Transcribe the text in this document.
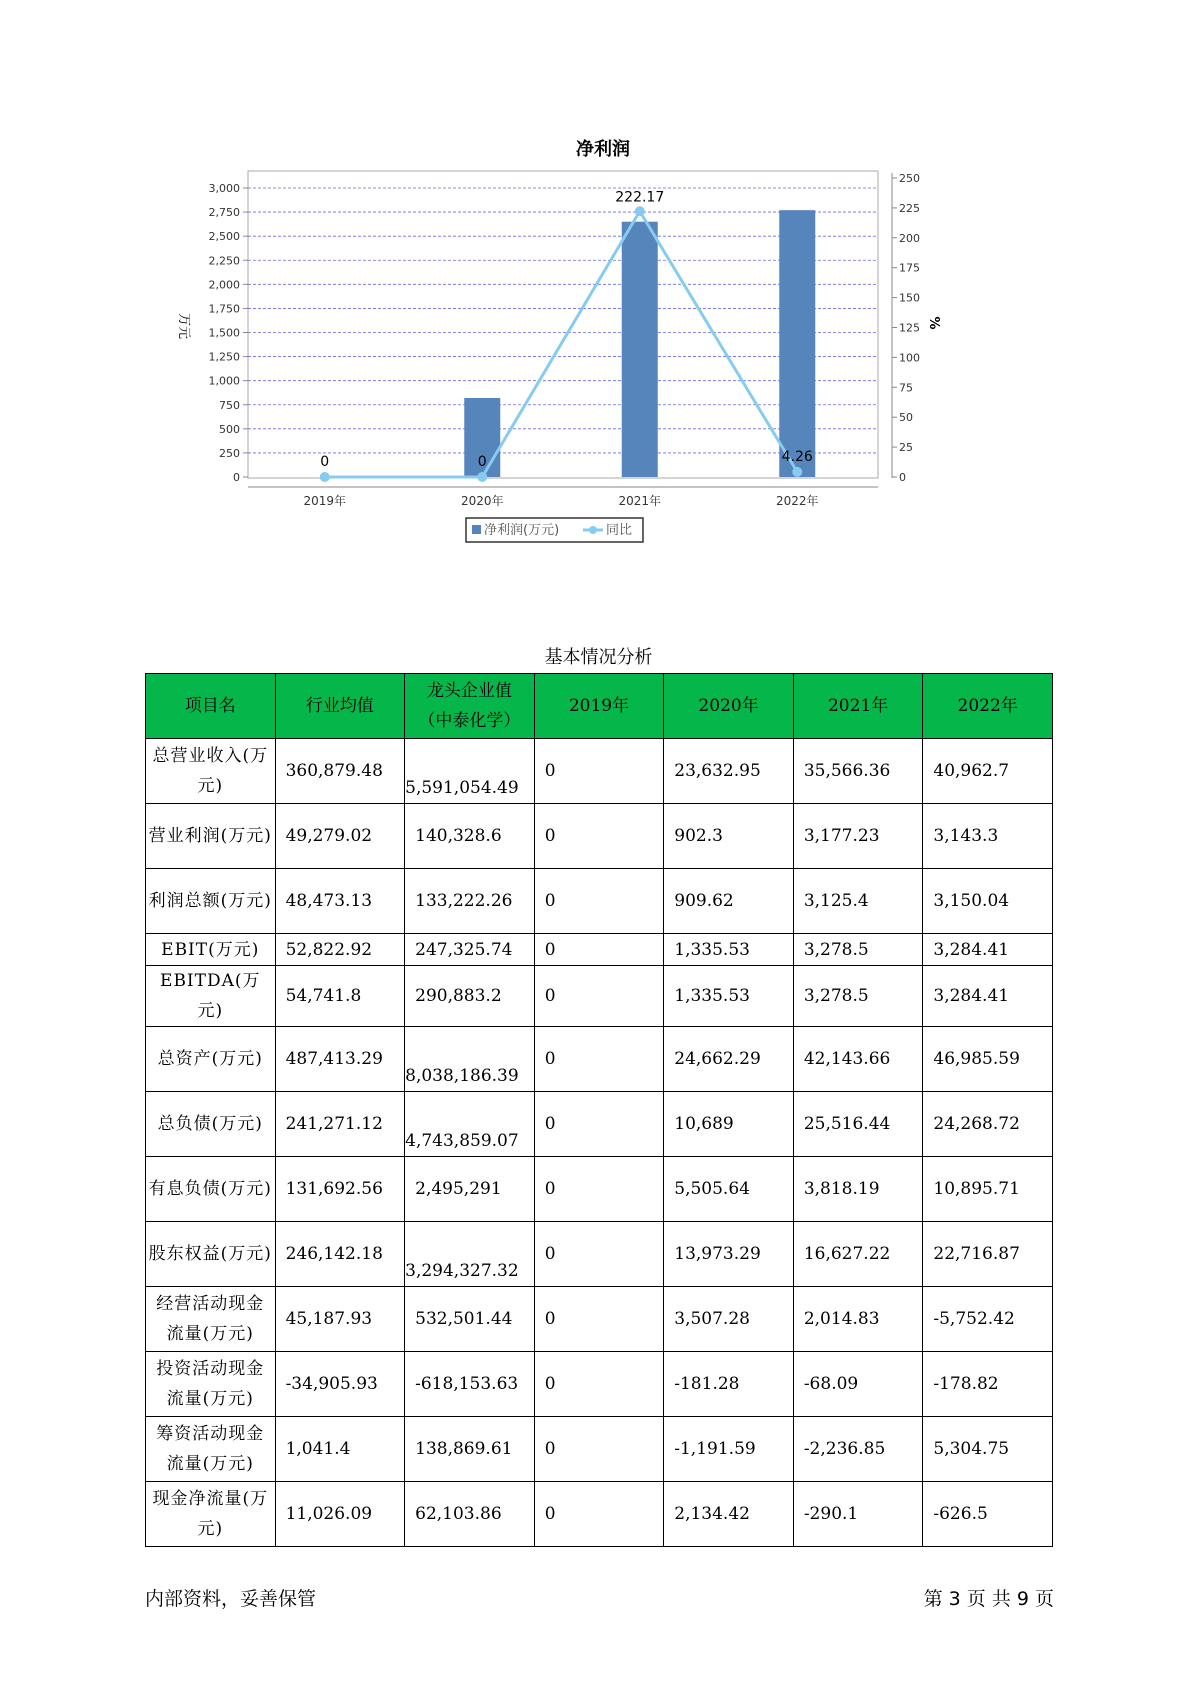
净利润
0
250
500
750
1,000
1,250
1,500
1,750
2,000
2,250
2,500
2,750
3,000
0
25
50
75
100
125
150
175
200
225
250
0	0
222.17
4.26
2019年	2020年	2021年	2022年
万元	%
净利润(万元)	同比
基本情况分析
项目名	行业均值	龙头企业值（中泰化学）	2019年	2020年	2021年	2022年
总营业收入(万元)	360,879.48	5,591,054.49	0	23,632.95	35,566.36	40,962.7
营业利润(万元)	49,279.02	140,328.6	0	902.3	3,177.23	3,143.3
利润总额(万元)	48,473.13	133,222.26	0	909.62	3,125.4	3,150.04
EBIT(万元)	52,822.92	247,325.74	0	1,335.53	3,278.5	3,284.41
EBITDA(万元)	54,741.8	290,883.2	0	1,335.53	3,278.5	3,284.41
总资产(万元)	487,413.29	8,038,186.39	0	24,662.29	42,143.66	46,985.59
总负债(万元)	241,271.12	4,743,859.07	0	10,689	25,516.44	24,268.72
有息负债(万元)	131,692.56	2,495,291	0	5,505.64	3,818.19	10,895.71
股东权益(万元)	246,142.18	3,294,327.32	0	13,973.29	16,627.22	22,716.87
经营活动现金流量(万元)	45,187.93	532,501.44	0	3,507.28	2,014.83	-5,752.42
投资活动现金流量(万元)	-34,905.93	-618,153.63	0	-181.28	-68.09	-178.82
筹资活动现金流量(万元)	1,041.4	138,869.61	0	-1,191.59	-2,236.85	5,304.75
现金净流量(万元)	11,026.09	62,103.86	0	2,134.42	-290.1	-626.5
内部资料，妥善保管	第 3 页 共 9 页
